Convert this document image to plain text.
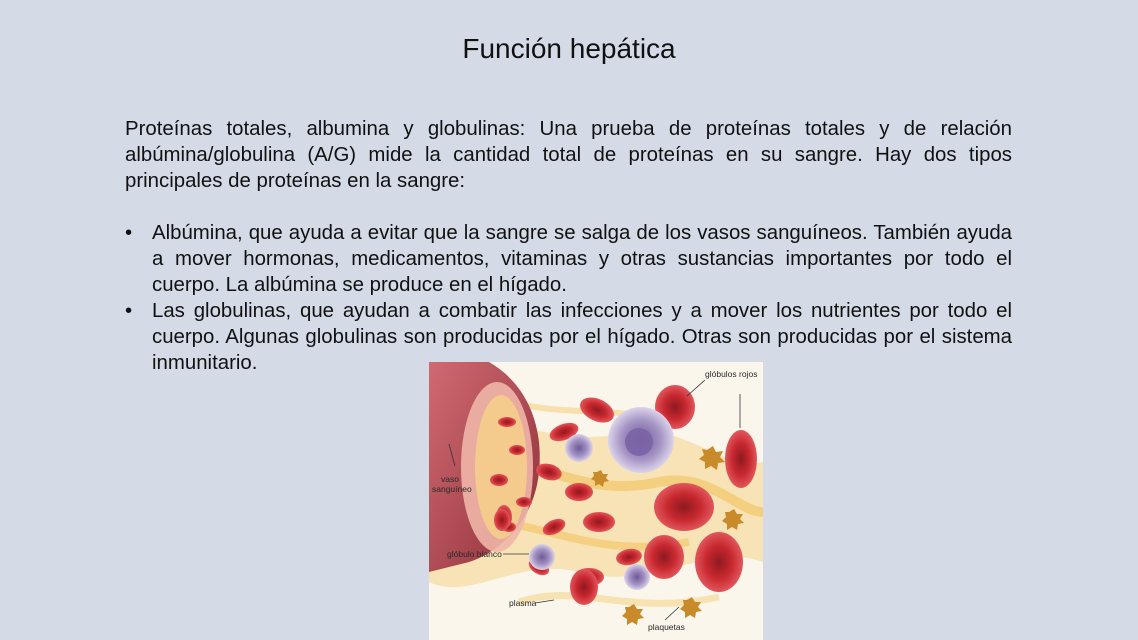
Función hepática

Proteínas totales, albumina y globulinas: Una prueba de proteínas totales y de relación albúmina/globulina (A/G) mide la cantidad total de proteínas en su sangre. Hay dos tipos principales de proteínas en la sangre:

• Albúmina, que ayuda a evitar que la sangre se salga de los vasos sanguíneos. También ayuda a mover hormonas, medicamentos, vitaminas y otras sustancias importantes por todo el cuerpo. La albúmina se produce en el hígado.
• Las globulinas, que ayudan a combatir las infecciones y a mover los nutrientes por todo el cuerpo. Algunas globulinas son producidas por el hígado. Otras son producidas por el sistema inmunitario.	glóbulos rojos
vaso
sanguíneo
glóbulo blanco
plasma
plaquetas
